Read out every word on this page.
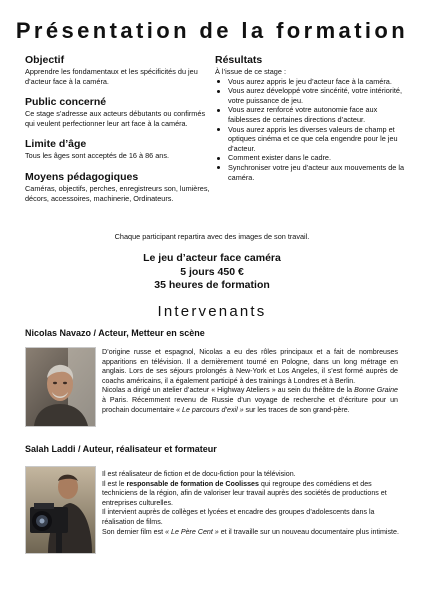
Présentation de la formation
Objectif

Apprendre les fondamentaux et les spécificités du jeu d’acteur face à la caméra.

Public concerné

Ce stage s’adresse aux acteurs débutants ou confirmés qui veulent perfectionner leur art face à la caméra.

Limite d’âge

Tous les âges sont acceptés de 16 à 86 ans.

Moyens pédagogiques

Caméras, objectifs, perches, enregistreurs son, lumières, décors, accessoires, machinerie, Ordinateurs.

Résultats

À l’issue de ce stage :

Vous aurez appris le jeu d’acteur face à la caméra.
Vous aurez développé votre sincérité, votre intériorité, votre puissance de jeu.
Vous aurez renforcé votre autonomie face aux faiblesses de certaines directions d’acteur.
Vous aurez appris les diverses valeurs de champ et optiques cinéma et ce que cela engendre pour le jeu d’acteur.
Comment exister dans le cadre.
Synchroniser votre jeu d’acteur aux mouvements de la caméra.
Chaque participant repartira avec des images de son travail.
Le jeu d’acteur face caméra
5 jours 450 €
35 heures de formation
Intervenants
Nicolas Navazo / Acteur, Metteur en scène

D’origine russe et espagnol, Nicolas a eu des rôles principaux et a fait de nombreuses apparitions en télévision. Il a dernièrement tourné en Pologne, dans un long métrage en anglais. Lors de ses séjours prolongés à New-York et Los Angeles, il s’est formé auprès de coachs américains, il a également participé à des trainings à Londres et à Berlin.

Nicolas a dirigé un atelier d’acteur « Highway Ateliers » au sein du théâtre de la Bonne Graine à Paris. Récemment revenu de Russie d’un voyage de recherche et d’écriture pour un prochain documentaire « Le parcours d’exil » sur les traces de son grand-père.

Salah Laddi / Auteur, réalisateur et formateur

Il est réalisateur de fiction et de docu-fiction pour la télévision.

Il est le responsable de formation de Coolisses qui regroupe des comédiens et des techniciens de la région, afin de valoriser leur travail auprès des sociétés de productions et entreprises culturelles.

Il intervient auprès de collèges et lycées et encadre des groupes d’adolescents dans la réalisation de films.

Son dernier film est « Le Père Cent » et il travaille sur un nouveau documentaire plus intimiste.
